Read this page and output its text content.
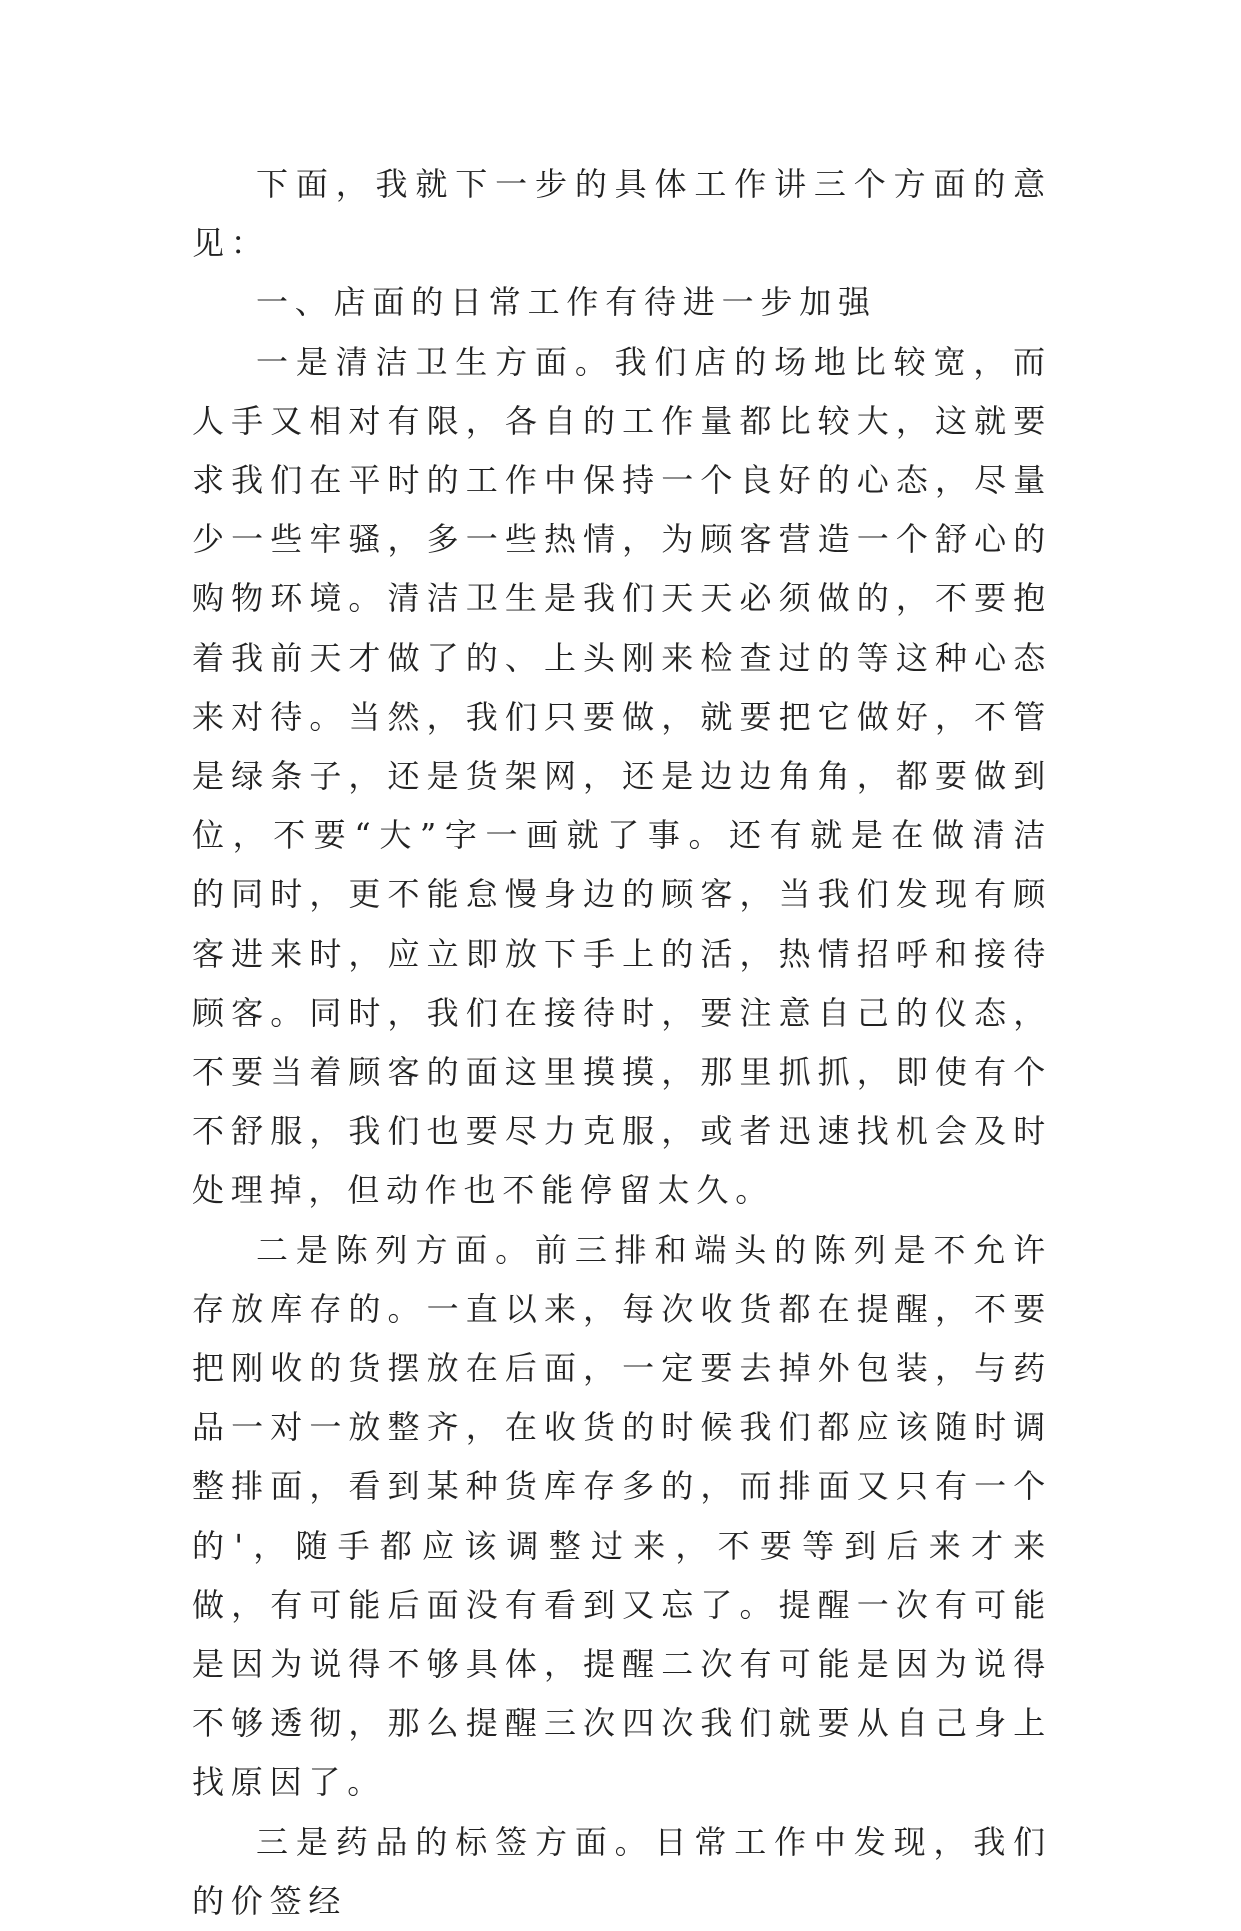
下面，我就下一步的具体工作讲三个方面的意见：

一、店面的日常工作有待进一步加强

一是清洁卫生方面。我们店的场地比较宽，而人手又相对有限，各自的工作量都比较大，这就要求我们在平时的工作中保持一个良好的心态，尽量少一些牢骚，多一些热情，为顾客营造一个舒心的购物环境。清洁卫生是我们天天必须做的，不要抱着我前天才做了的、上头刚来检查过的等这种心态来对待。当然，我们只要做，就要把它做好，不管是绿条子，还是货架网，还是边边角角，都要做到位，不要“大”字一画就了事。还有就是在做清洁的同时，更不能怠慢身边的顾客，当我们发现有顾客进来时，应立即放下手上的活，热情招呼和接待顾客。同时，我们在接待时，要注意自己的仪态，不要当着顾客的面这里摸摸，那里抓抓，即使有个不舒服，我们也要尽力克服，或者迅速找机会及时处理掉，但动作也不能停留太久。

二是陈列方面。前三排和端头的陈列是不允许存放库存的。一直以来，每次收货都在提醒，不要把刚收的货摆放在后面，一定要去掉外包装，与药品一对一放整齐，在收货的时候我们都应该随时调整排面，看到某种货库存多的，而排面又只有一个的'，随手都应该调整过来，不要等到后来才来做，有可能后面没有看到又忘了。提醒一次有可能是因为说得不够具体，提醒二次有可能是因为说得不够透彻，那么提醒三次四次我们就要从自己身上找原因了。

三是药品的标签方面。日常工作中发现，我们的价签经
